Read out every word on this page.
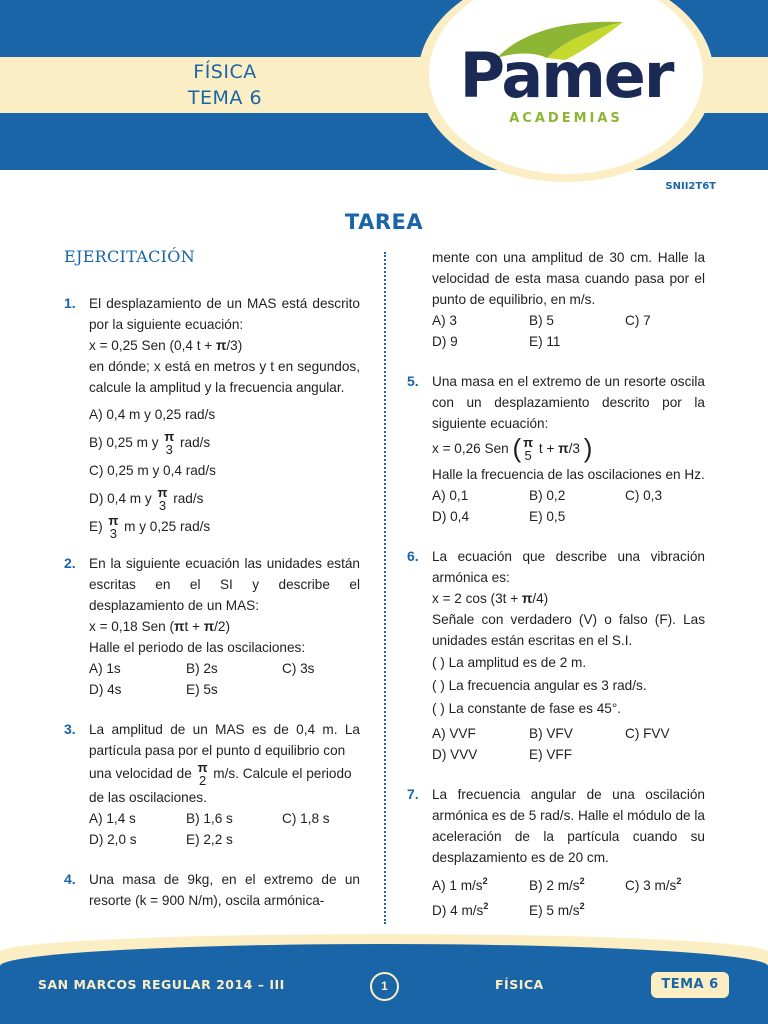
FÍSICA
TEMA 6	Pamer
ACADEMIAS
SNII2T6T
TAREA
EJERCITACIÓN
1. El desplazamiento de un MAS está descrito por la siguiente ecuación:
x = 0,25 Sen (0,4 t + π/3)
en dónde; x está en metros y t en segundos, calcule la amplitud y la frecuencia angular.
A) 0,4 m y 0,25 rad/s
B) 0,25 m y π
3 rad/s
C) 0,25 m y 0,4 rad/s
D) 0,4 m y π
3 rad/s
E) π
3 m y 0,25 rad/s
2. En la siguiente ecuación las unidades están escritas en el SI y describe el desplazamiento de un MAS:
x = 0,18 Sen (πt + π/2)
Halle el periodo de las oscilaciones:
A) 1s	B) 2s	C) 3s
D) 4s	E) 5s
3. La amplitud de un MAS es de 0,4 m. La partícula pasa por el punto d equilibrio con
una velocidad de π
2 m/s. Calcule el periodo
de las oscilaciones.
A) 1,4 s	B) 1,6 s	C) 1,8 s
D) 2,0 s	E) 2,2 s
4. Una masa de 9kg, en el extremo de un resorte (k = 900 N/m), oscila armónica-
mente con una amplitud de 30 cm. Halle la velocidad de esta masa cuando pasa por el punto de equilibrio, en m/s.
A) 3	B) 5	C) 7
D) 9	E) 11
5. Una masa en el extremo de un resorte oscila con un desplazamiento descrito por la siguiente ecuación:
x = 0,26 Sen ( π
5 t + π/3 )
Halle la frecuencia de las oscilaciones en Hz.
A) 0,1	B) 0,2	C) 0,3
D) 0,4	E) 0,5
6. La ecuación que describe una vibración armónica es:
x = 2 cos (3t + π/4)
Señale con verdadero (V) o falso (F). Las unidades están escritas en el S.I.
( ) La amplitud es de 2 m.
( ) La frecuencia angular es 3 rad/s.
( ) La constante de fase es 45°.
A) VVF	B) VFV	C) FVV
D) VVV	E) VFF
7. La frecuencia angular de una oscilación armónica es de 5 rad/s. Halle el módulo de la aceleración de la partícula cuando su desplazamiento es de 20 cm.
A) 1 $m/s^2$	B) 2 $m/s^2$	C) 3 $m/s^2$
D) 4 $m/s^2$	E) 5 $m/s^2$
SAN MARCOS REGULAR 2014 – III	1	FÍSICA	TEMA 6
